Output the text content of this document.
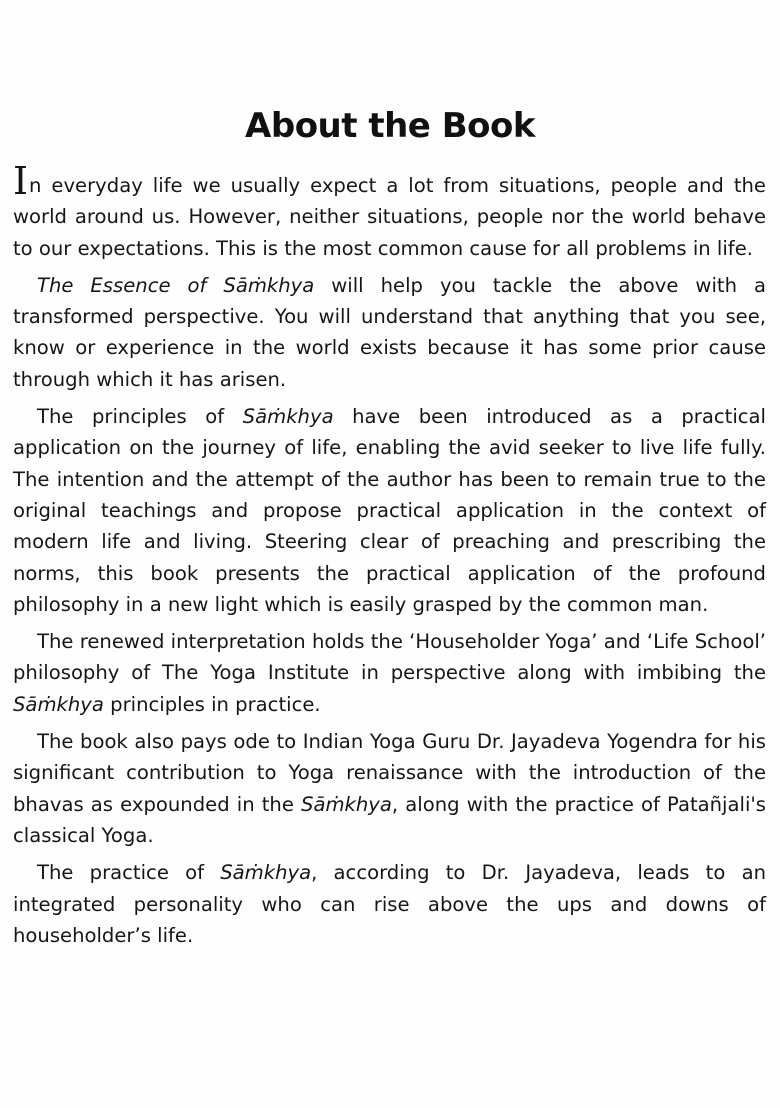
About the Book

In everyday life we usually expect a lot from situations, people and the world around us. However, neither situations, people nor the world behave to our expectations. This is the most common cause for all problems in life.

The Essence of Sāṁkhya will help you tackle the above with a transformed perspective. You will understand that anything that you see, know or experience in the world exists because it has some prior cause through which it has arisen.

The principles of Sāṁkhya have been introduced as a practical application on the journey of life, enabling the avid seeker to live life fully. The intention and the attempt of the author has been to remain true to the original teachings and propose practical application in the context of modern life and living. Steering clear of preaching and prescribing the norms, this book presents the practical application of the profound philosophy in a new light which is easily grasped by the common man.

The renewed interpretation holds the ‘Householder Yoga’ and ‘Life School’ philosophy of The Yoga Institute in perspective along with imbibing the Sāṁkhya principles in practice.

The book also pays ode to Indian Yoga Guru Dr. Jayadeva Yogendra for his significant contribution to Yoga renaissance with the introduction of the bhavas as expounded in the Sāṁkhya, along with the practice of Patañjali's classical Yoga.

The practice of Sāṁkhya, according to Dr. Jayadeva, leads to an integrated personality who can rise above the ups and downs of householder’s life.
